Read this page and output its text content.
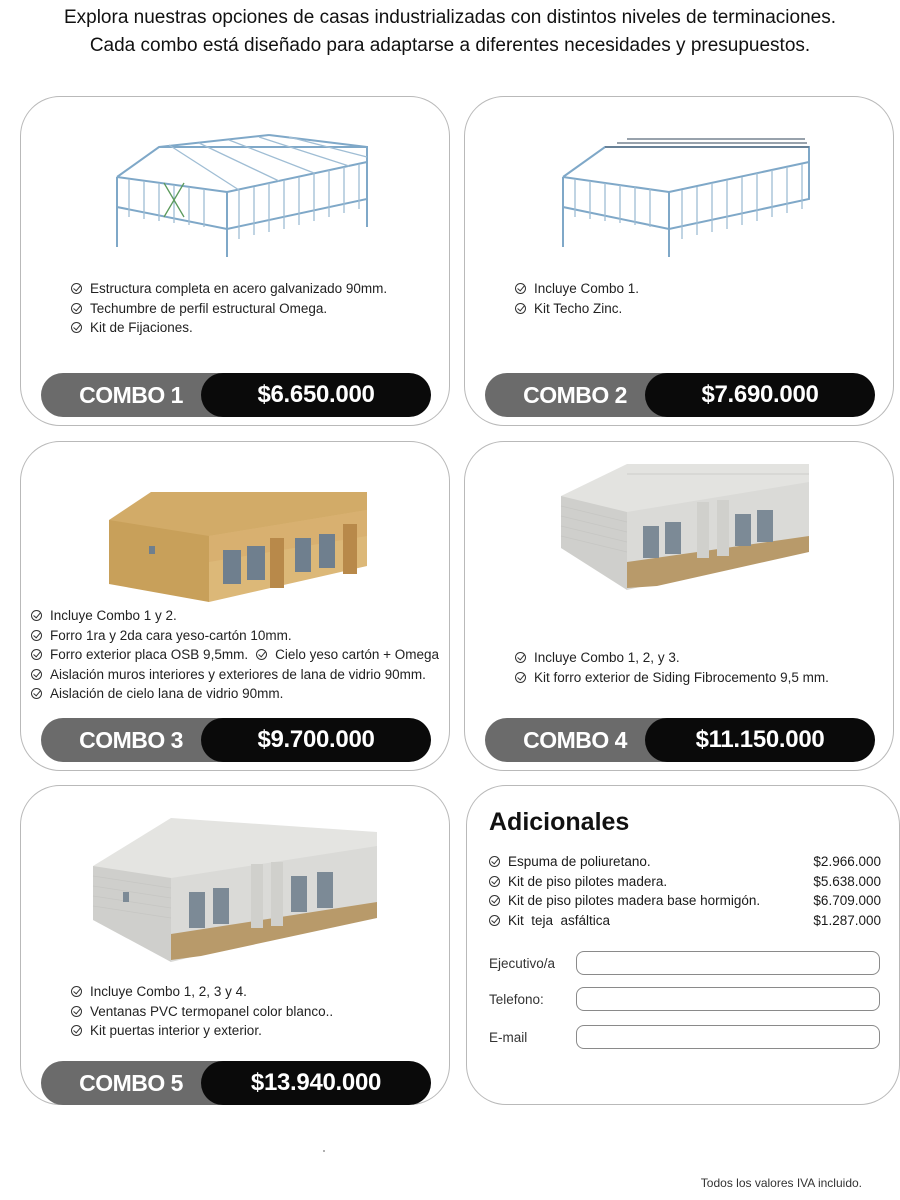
Explora nuestras opciones de casas industrializadas con distintos niveles de terminaciones.
Cada combo está diseñado para adaptarse a diferentes necesidades y presupuestos.
Estructura completa en acero galvanizado 90mm.
Techumbre de perfil estructural Omega.
Kit de Fijaciones.
COMBO 1	$6.650.000
Incluye Combo 1.
Kit Techo Zinc.
COMBO 2	$7.690.000
Incluye Combo 1 y 2.
Forro 1ra y 2da cara yeso-cartón 10mm.
Forro exterior placa OSB 9,5mm. Cielo yeso cartón + Omega
Aislación muros interiores y exteriores de lana de vidrio 90mm.
Aislación de cielo lana de vidrio 90mm.
COMBO 3	$9.700.000
Incluye Combo 1, 2, y 3.
Kit forro exterior de Siding Fibrocemento 9,5 mm.
COMBO 4	$11.150.000
Incluye Combo 1, 2, 3 y 4.
Ventanas PVC termopanel color blanco..
Kit puertas interior y exterior.
COMBO 5	$13.940.000
Adicionales
Espuma de poliuretano.	$2.966.000
Kit de piso pilotes madera.	$5.638.000
Kit de piso pilotes madera base hormigón.	$6.709.000
Kit  teja  asfáltica	$1.287.000
Ejecutivo/a
Telefono:
E-mail
Todos los valores IVA incluido.
